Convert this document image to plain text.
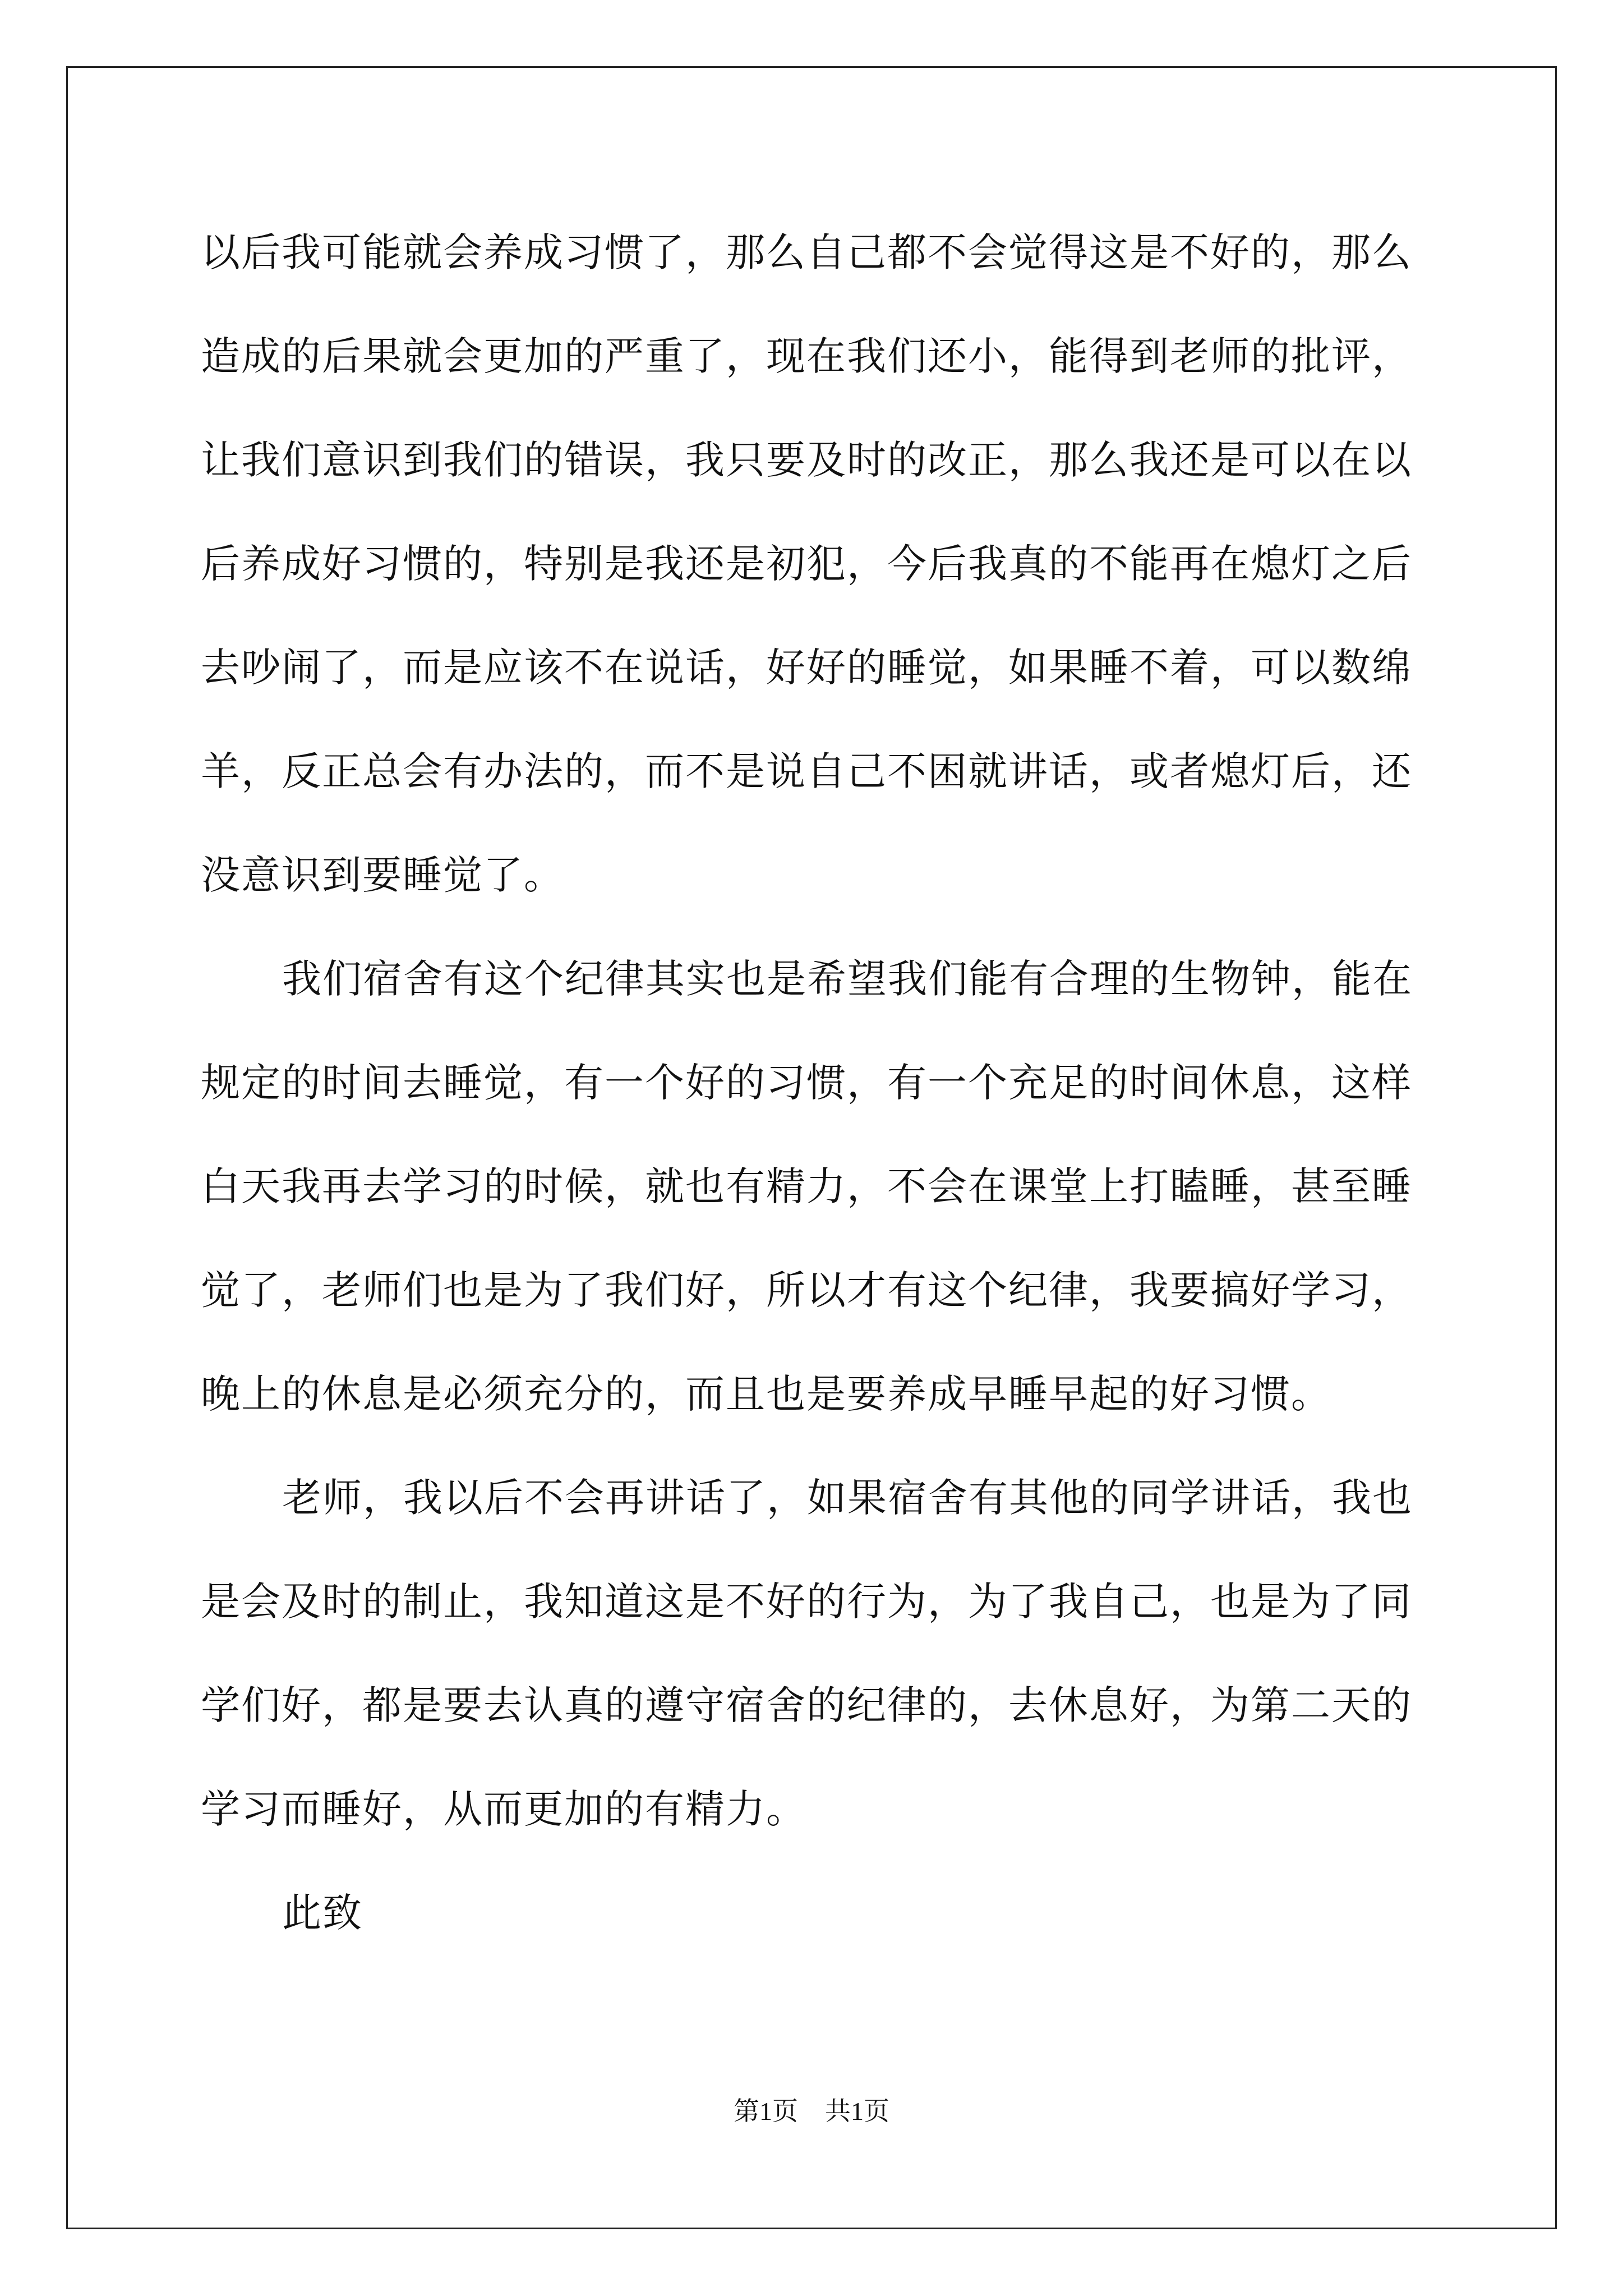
以后我可能就会养成习惯了，那么自己都不会觉得这是不好的，那么
造成的后果就会更加的严重了，现在我们还小，能得到老师的批评，
让我们意识到我们的错误，我只要及时的改正，那么我还是可以在以
后养成好习惯的，特别是我还是初犯，今后我真的不能再在熄灯之后
去吵闹了，而是应该不在说话，好好的睡觉，如果睡不着，可以数绵
羊，反正总会有办法的，而不是说自己不困就讲话，或者熄灯后，还
没意识到要睡觉了。
我们宿舍有这个纪律其实也是希望我们能有合理的生物钟，能在
规定的时间去睡觉，有一个好的习惯，有一个充足的时间休息，这样
白天我再去学习的时候，就也有精力，不会在课堂上打瞌睡，甚至睡
觉了，老师们也是为了我们好，所以才有这个纪律，我要搞好学习，
晚上的休息是必须充分的，而且也是要养成早睡早起的好习惯。
老师，我以后不会再讲话了，如果宿舍有其他的同学讲话，我也
是会及时的制止，我知道这是不好的行为，为了我自己，也是为了同
学们好，都是要去认真的遵守宿舍的纪律的，去休息好，为第二天的
学习而睡好，从而更加的有精力。
此致
第1页 共1页
